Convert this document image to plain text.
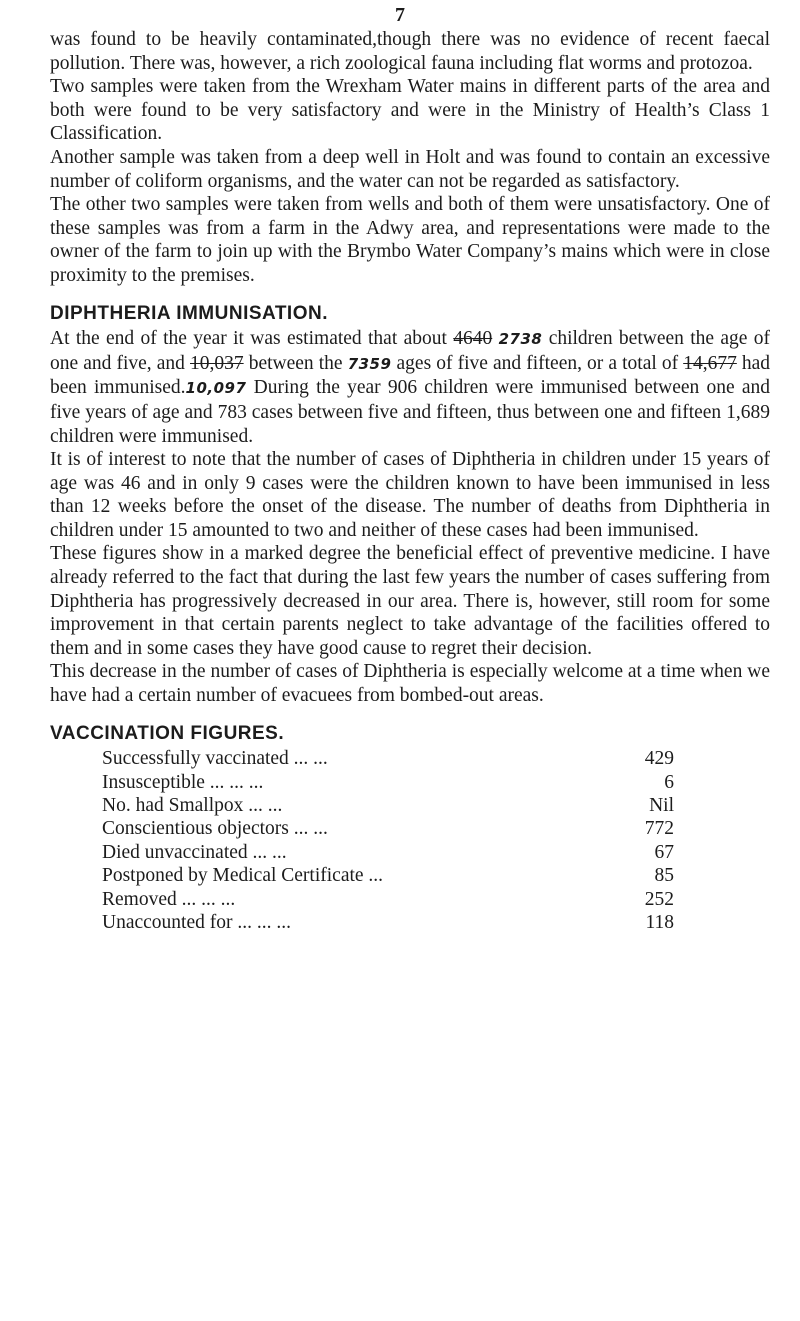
7

was found to be heavily contaminated,though there was no evidence of recent faecal pollution. There was, however, a rich zoological fauna including flat worms and protozoa.

Two samples were taken from the Wrexham Water mains in different parts of the area and both were found to be very satisfactory and were in the Ministry of Health’s Class 1 Classification.

Another sample was taken from a deep well in Holt and was found to contain an excessive number of coliform organisms, and the water can not be regarded as satisfactory.

The other two samples were taken from wells and both of them were unsatisfactory. One of these samples was from a farm in the Adwy area, and representations were made to the owner of the farm to join up with the Brymbo Water Company’s mains which were in close proximity to the premises.

DIPHTHERIA IMMUNISATION.

At the end of the year it was estimated that about 4640 2738 children between the age of one and five, and 10,037 between the 7359 ages of five and fifteen, or a total of 14,677 had been immunised.10,097 During the year 906 children were immunised between one and five years of age and 783 cases between five and fifteen, thus between one and fifteen 1,689 children were immunised.

It is of interest to note that the number of cases of Diphtheria in children under 15 years of age was 46 and in only 9 cases were the children known to have been immunised in less than 12 weeks before the onset of the disease. The number of deaths from Diphtheria in children under 15 amounted to two and neither of these cases had been immunised.

These figures show in a marked degree the beneficial effect of preventive medicine. I have already referred to the fact that during the last few years the number of cases suffering from Diphtheria has progressively decreased in our area. There is, however, still room for some improvement in that certain parents neglect to take advantage of the facilities offered to them and in some cases they have good cause to regret their decision.

This decrease in the number of cases of Diphtheria is especially welcome at a time when we have had a certain number of evacuees from bombed-out areas.

VACCINATION FIGURES.
Successfully vaccinated ... ...	429
Insusceptible ... ... ...	6
No. had Smallpox ... ...	Nil
Conscientious objectors ... ...	772
Died unvaccinated ... ...	67
Postponed by Medical Certificate ...	85
Removed ... ... ...	252
Unaccounted for ... ... ...	118
